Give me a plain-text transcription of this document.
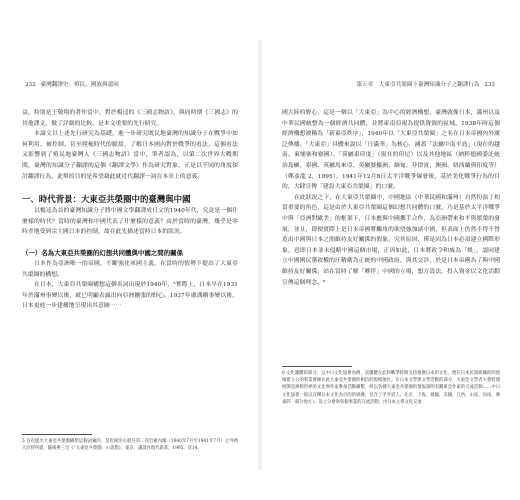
232 臺灣翻譯史：殖民、國族與認同

益，特別是王敬翔的著作當中，對於楊逵的《三國志物語》，與同時期《三國志》的其他譯文，做了詳細的比較，是本文重要的先行研究。

本論文以上述先行研究為基礎，進一步研究既民地臺灣的知識分子在戰爭中如何利用、被控制、甚至爬梳時代的脈絡，了解日本國內對於戰爭的看法，這個看法又影響到了殖民地臺灣人《三國志物語》當中，筆者認為，以第二次世界大戰期間，臺灣的知識分子翻譯的這個《翻譯文學》作為研究對象，正是以不同的角度探討翻譯行為，此舉的目的是希望藉此就近代翻譯一詞在本章上的意義。

一、時代背景：大東亞共榮圈中的臺灣與中國

以楊逵為首的臺灣知識分子將中國文學翻譯成日文的1940年代，究竟是一個什麼樣的時代？當時的臺灣和中國代表了什麼樣的意義？由於當時的臺灣，幾乎是零時差地受到宗主國日本的控制，故在此先描述當時日本的狀況。

（一）名為大東亞共榮圈的幻想共同體與中國之間的關係

日本作為亞洲唯一的帝國，不斷強化軍國主義，在當時的情勢下提出了大東亞共榮圈的構想。

在日本，大東亞共榮圈構想這個名詞出現於1940年，⁵實際上，日本早在1931年於滿州事變以後，就已明顯表露出向亞洲擴張的野心。1937年盧溝橋事變以後，日本更進一步建構地呈現出其意圖⋯⋯

5 首次提出大東亞共榮圈構想這個詞彙的，是松岡洋右就任第二次近衛內閣（1940年7月至1941年7月）之外務大臣時所提，隨後參三宅《「大東亞共榮圈」の思想》，東京：講談社現代新書，1995，頁14。
第五章　大東亞共榮圈下臺灣知識分子之翻譯行為 233

國大陸的野心，這是一個以「大東亞」為中心的經濟構想，臺灣就像日本，滿州以及中華民國統整為一個經濟共同體，並將東南亞視為提供資源的區域。1938年時這個經濟構想被稱為「新東亞秩序」，1940年以「大東亞共榮圈」之名在日本帝國內外廣泛傳播。「大東亞」具體來說以「日滿華」為核心，涵蓋「法屬中南半島」（現在的越南、柬埔寨和寮國）、「荷屬東印度」（現在的印尼）以及其他地區（納粹德國委託統治島嶼、泰國、英屬馬來亞、英屬婆羅洲、緬甸、菲律賓、澳洲、紐西蘭與印度等）（鄭彥龍 2，1995），1941年12月8日太平洋戰爭爆發後，基於美化戰爭行為的目的，大肆宣傳「建設大東亞共榮圈」的口號。

在此狀況之下，在大東亞共榮圈中，中國地區（中華民國和滿州）自然扮演了相當重要的角色，這是由於大東亞共榮圈這個幻想共同體的口號，乃是基於太平洋戰爭中與「亞洲對歐美」的框架下，日本應與中國攜手合作，為亞洲帶來和平與繁榮的發展，並且，即便實際上是日本帝國將觸角的欲望強加諸中國，但表面上仍然不得不營造出中國與日本之間維持友好關係的假象。究其原因，僅是因為日本必須建立國際形象，意即日本並未侵略中國這個市場，正因如此，日本將政令和威為「娛」，認同建立中國國民黨政權的汪精衛為正統的中國政府，與其交涉，於是日本帝國為了與中國維持友好關係，站在當時了解「夥伴」中國的立場，想方設法，投入資金以文化活動宣傳這個理念。⁶

6 文化團體的部分，以中日文化協會為例，該團體在此和戰爭時期支持推廣日本的文化，便在日本民間組織的的現場建立公的事業發揮在此大東亞共榮圈的相信的規模地位。在日本文學與文學活動的部分，大東亞文學者大會將開展開亞洲與世界的文化界作家參加活動聯繫，經以各種大東亞共榮圈的情報說明有關東亞作家的交流活動……中日文化協會一般以宣傳日本文化為目的的組織，包含了平井道人，北京，上海，德國，美國，江西，山東，河南，廣東的一部分地方）。設立分會與各個事業的交流活動，由日本主導文化交流
